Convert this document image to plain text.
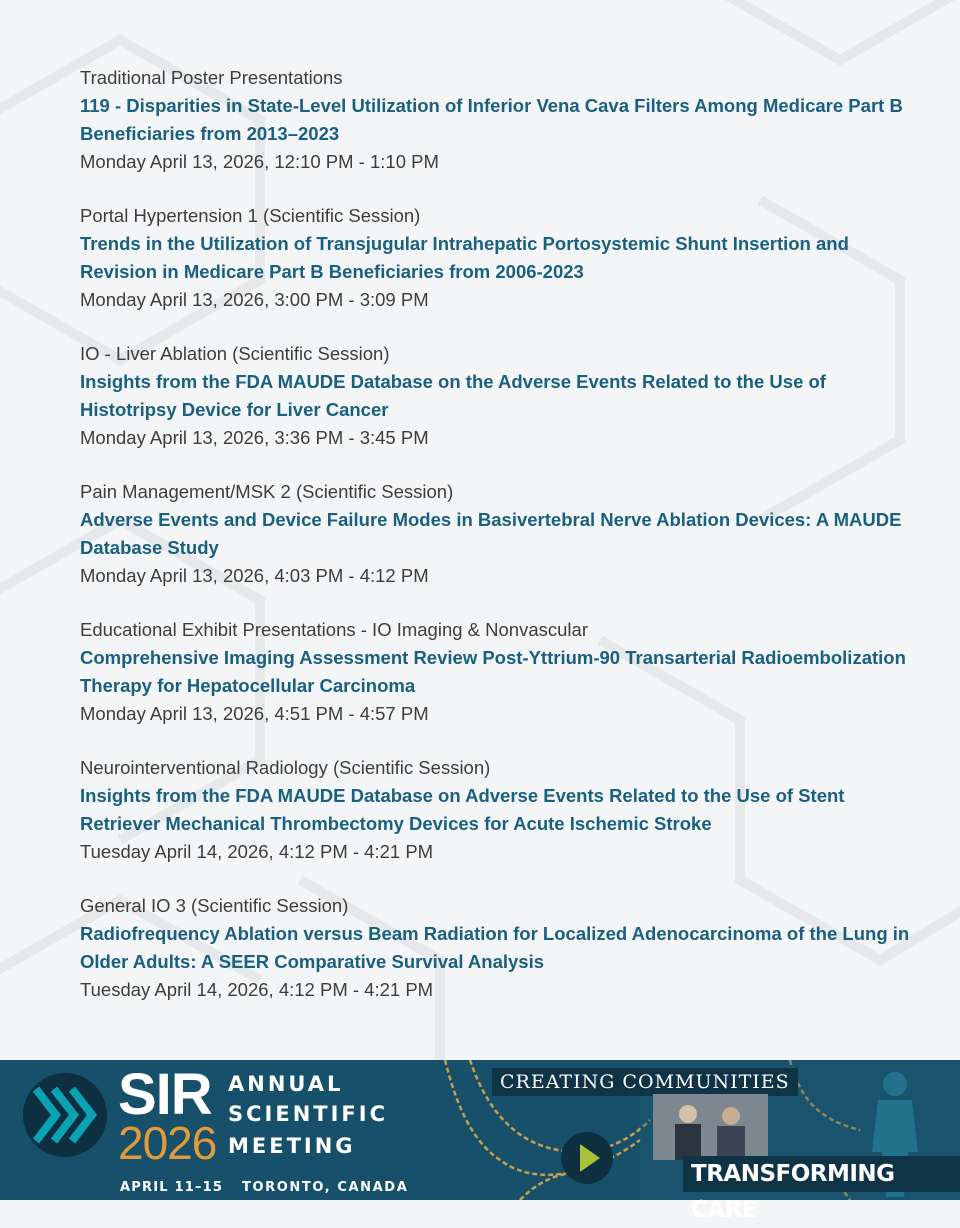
Traditional Poster Presentations
119 - Disparities in State-Level Utilization of Inferior Vena Cava Filters Among Medicare Part B Beneficiaries from 2013–2023
Monday April 13, 2026, 12:10 PM - 1:10 PM
Portal Hypertension 1 (Scientific Session)
Trends in the Utilization of Transjugular Intrahepatic Portosystemic Shunt Insertion and Revision in Medicare Part B Beneficiaries from 2006-2023
Monday April 13, 2026, 3:00 PM - 3:09 PM
IO - Liver Ablation (Scientific Session)
Insights from the FDA MAUDE Database on the Adverse Events Related to the Use of Histotripsy Device for Liver Cancer
Monday April 13, 2026, 3:36 PM - 3:45 PM
Pain Management/MSK 2 (Scientific Session)
Adverse Events and Device Failure Modes in Basivertebral Nerve Ablation Devices: A MAUDE Database Study
Monday April 13, 2026, 4:03 PM - 4:12 PM
Educational Exhibit Presentations - IO Imaging & Nonvascular
Comprehensive Imaging Assessment Review Post-Yttrium-90 Transarterial Radioembolization Therapy for Hepatocellular Carcinoma
Monday April 13, 2026, 4:51 PM - 4:57 PM
Neurointerventional Radiology (Scientific Session)
Insights from the FDA MAUDE Database on Adverse Events Related to the Use of Stent Retriever Mechanical Thrombectomy Devices for Acute Ischemic Stroke
Tuesday April 14, 2026, 4:12 PM - 4:21 PM
General IO 3 (Scientific Session)
Radiofrequency Ablation versus Beam Radiation for Localized Adenocarcinoma of the Lung in Older Adults: A SEER Comparative Survival Analysis
Tuesday April 14, 2026, 4:12 PM - 4:21 PM
SIR
2026
ANNUAL
SCIENTIFIC
MEETING
APRIL 11–15 TORONTO, CANADA
CREATING COMMUNITIES
TRANSFORMING CARE
